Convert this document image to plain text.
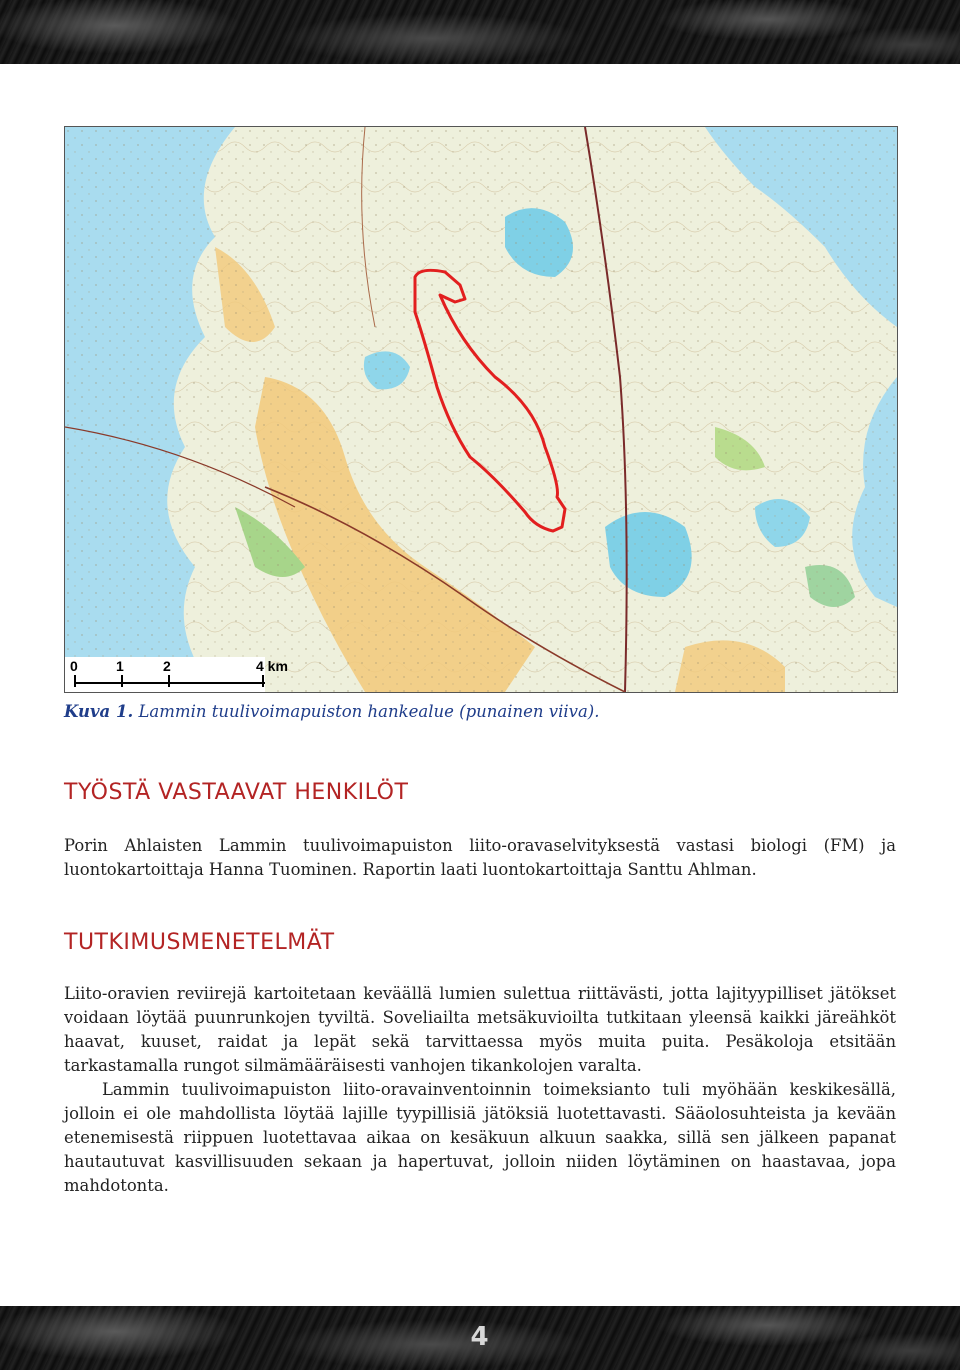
0	1	2	4 km
Kuva 1. Lammin tuulivoimapuiston hankealue (punainen viiva).
TYÖSTÄ VASTAAVAT HENKILÖT

Porin Ahlaisten Lammin tuulivoimapuiston liito-oravaselvityksestä vastasi biologi (FM) ja luontokartoittaja Hanna Tuominen. Raportin laati luontokartoittaja Santtu Ahlman.

TUTKIMUSMENETELMÄT

Liito-oravien reviirejä kartoitetaan keväällä lumien sulettua riittävästi, jotta lajityypilliset jätökset voidaan löytää puunrunkojen tyviltä. Soveliailta metsäkuvioilta tutkitaan yleensä kaikki järeähköt haavat, kuuset, raidat ja lepät sekä tarvittaessa myös muita puita. Pesäkoloja etsitään tarkastamalla rungot silmämääräisesti vanhojen tikankolojen varalta.

Lammin tuulivoimapuiston liito-oravainventoinnin toimeksianto tuli myöhään keskikesällä, jolloin ei ole mahdollista löytää lajille tyypillisiä jätöksiä luotettavasti. Sääolosuhteista ja kevään etenemisestä riippuen luotettavaa aikaa on kesäkuun alkuun saakka, sillä sen jälkeen papanat hautautuvat kasvillisuuden sekaan ja hapertuvat, jolloin niiden löytäminen on haastavaa, jopa mahdotonta.

4
